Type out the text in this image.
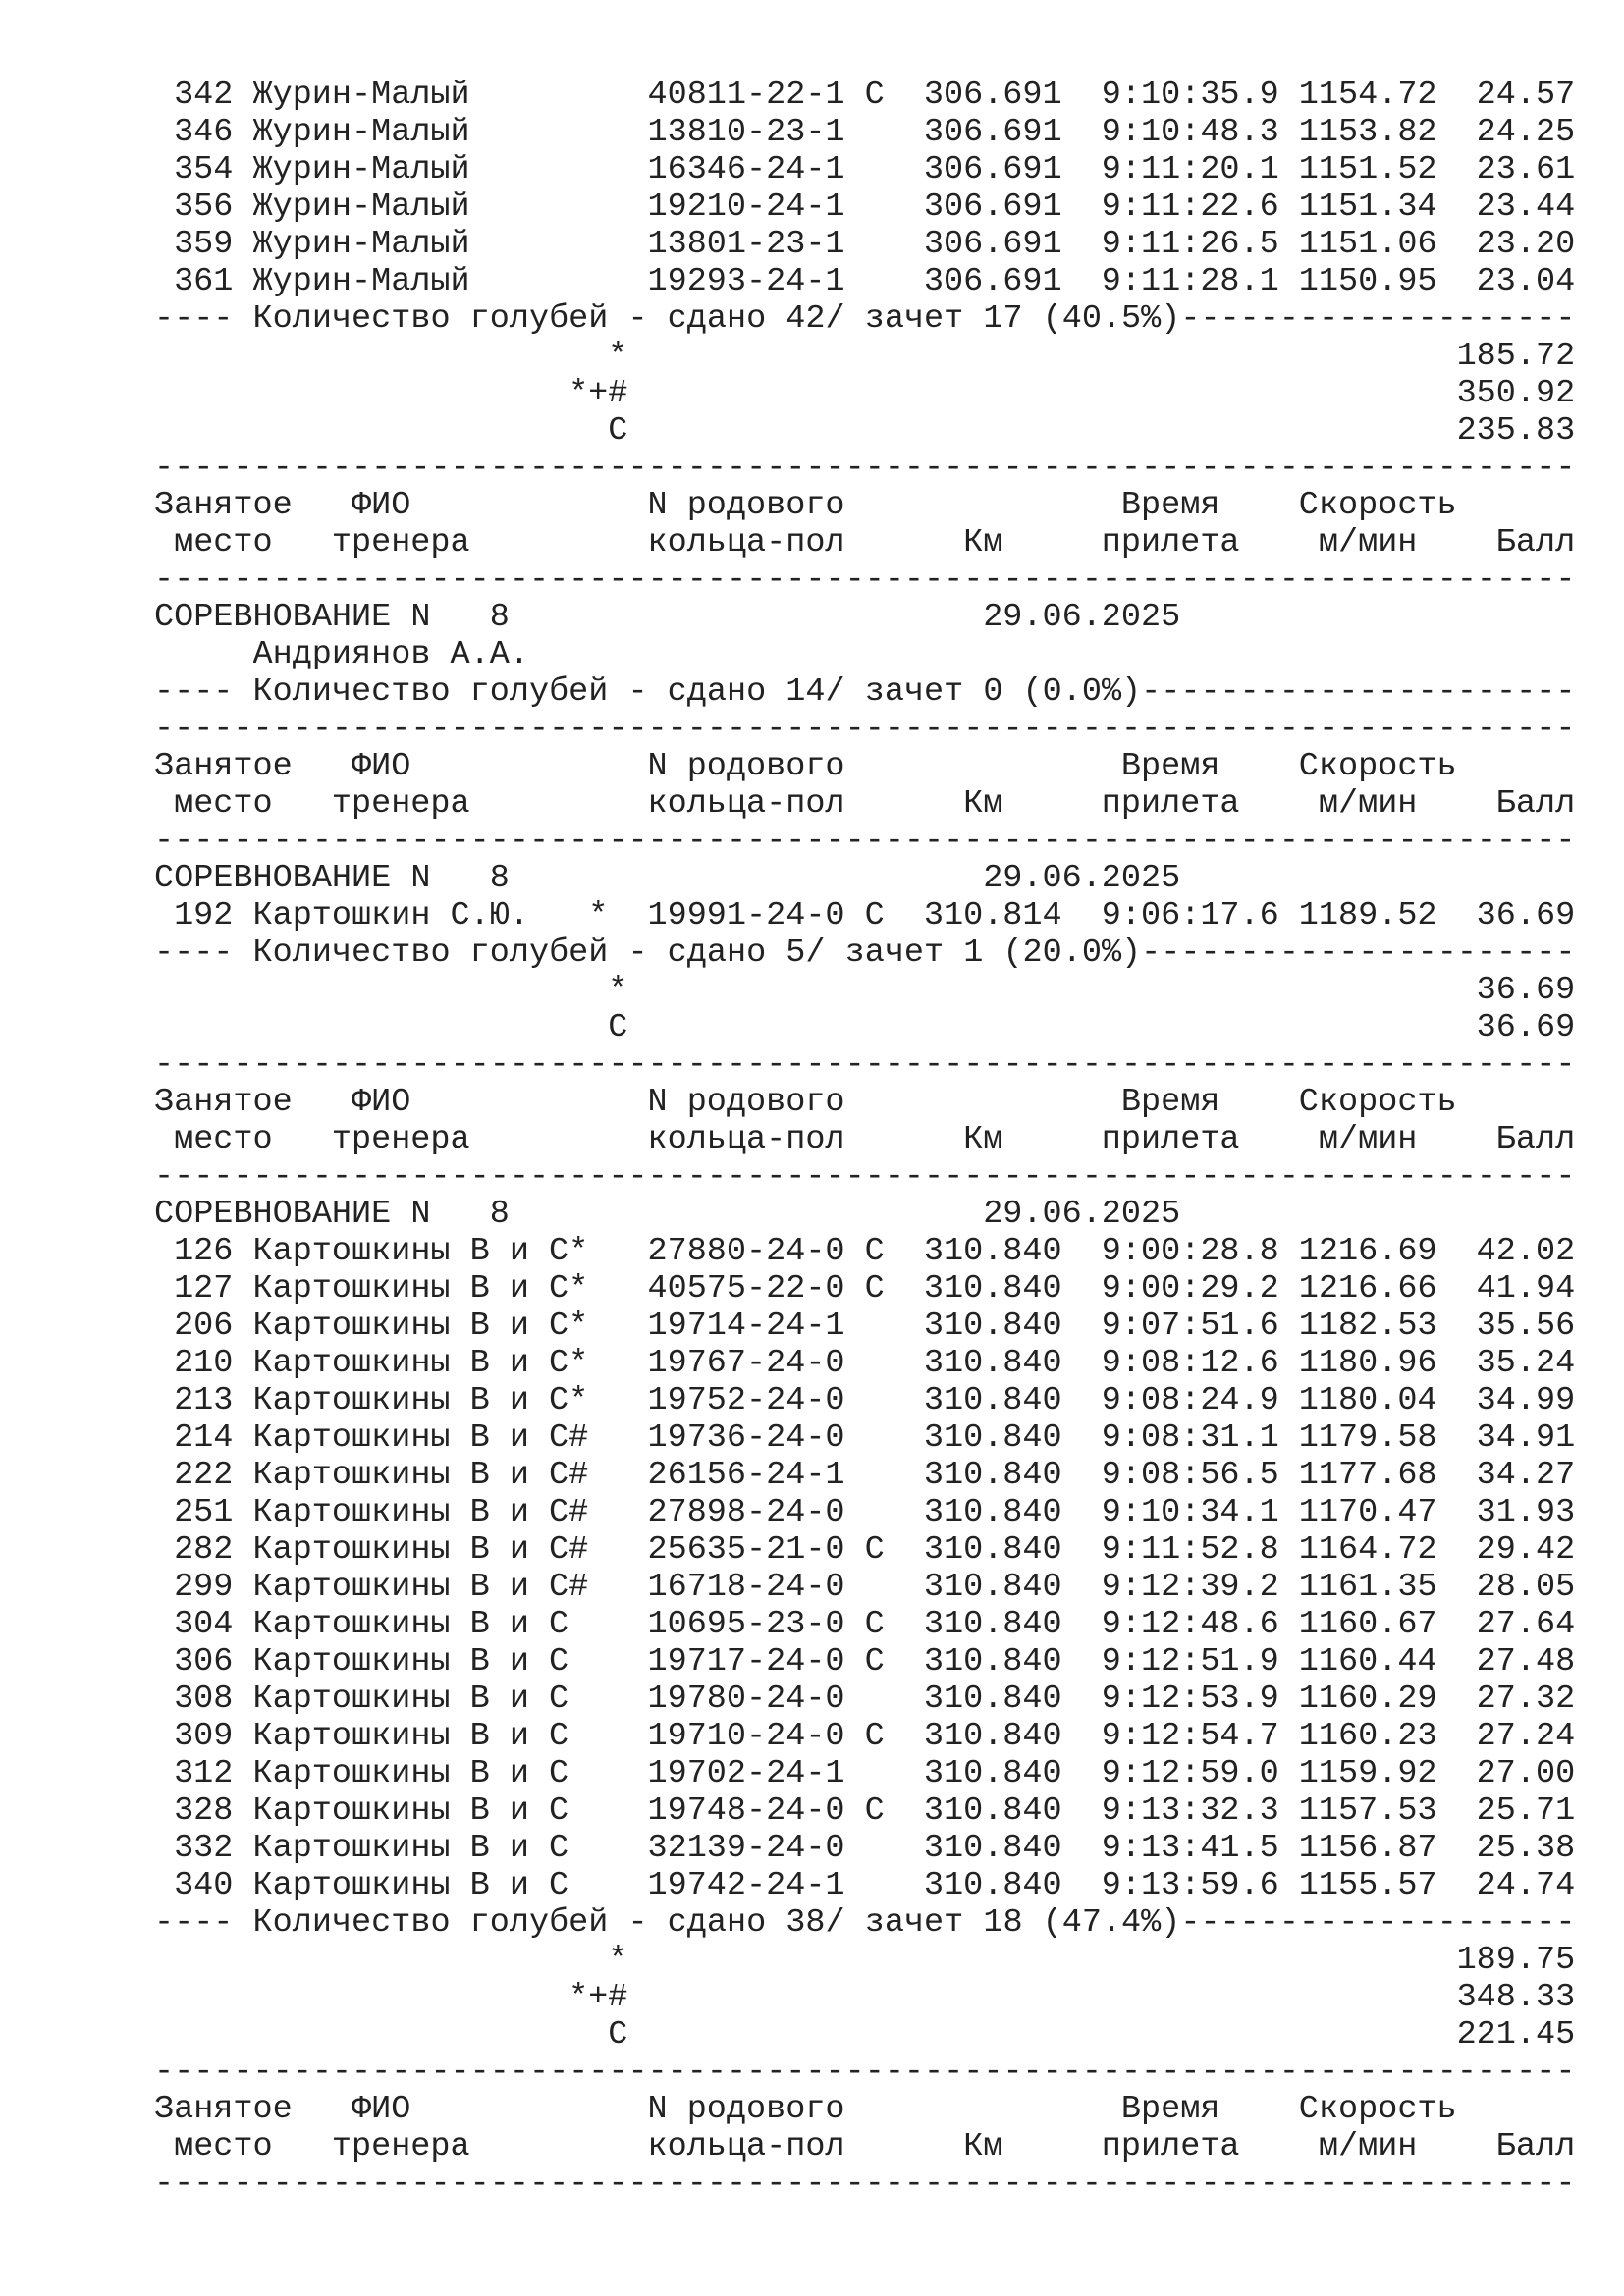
342 Журин-Малый	40811-22-1 C 306.691 9:10:35.9 1154.72	24.57
346 Журин-Малый	13810-23-1 306.691 9:10:48.3 1153.82	24.25
354 Журин-Малый	16346-24-1 306.691 9:11:20.1 1151.52	23.61
356 Журин-Малый	19210-24-1 306.691 9:11:22.6 1151.34	23.44
359 Журин-Малый	13801-23-1 306.691 9:11:26.5 1151.06	23.20
361 Журин-Малый	19293-24-1 306.691 9:11:28.1 1150.95	23.04
---- Количество голубей - сдано 42/ зачет 17 (40.5%)--------------------
*	185.72
*+#	350.92
C	235.83
------------------------------------------------------------------------
Занятое ФИО	N родового	Время Скорость
место тренера	кольца-пол	Км	прилета м/мин Балл
------------------------------------------------------------------------
СОРЕВНОВАНИЕ N 8	29.06.2025
Андриянов А.А.
---- Количество голубей - сдано 14/ зачет 0 (0.0%)----------------------
------------------------------------------------------------------------
Занятое ФИО	N родового	Время Скорость
место тренера	кольца-пол	Км	прилета м/мин Балл
------------------------------------------------------------------------
СОРЕВНОВАНИЕ N 8	29.06.2025
192 Картошкин С.Ю.	* 19991-24-0 C 310.814 9:06:17.6 1189.52	36.69
---- Количество голубей - сдано 5/ зачет 1 (20.0%)----------------------
*	36.69
C	36.69
------------------------------------------------------------------------
Занятое ФИО	N родового	Время Скорость
место тренера	кольца-пол	Км	прилета м/мин Балл
------------------------------------------------------------------------
СОРЕВНОВАНИЕ N 8	29.06.2025
126 Картошкины В и С* 27880-24-0 C 310.840 9:00:28.8 1216.69	42.02
127 Картошкины В и С* 40575-22-0 C 310.840 9:00:29.2 1216.66	41.94
206 Картошкины В и С* 19714-24-1 310.840 9:07:51.6 1182.53	35.56
210 Картошкины В и С* 19767-24-0 310.840 9:08:12.6 1180.96	35.24
213 Картошкины В и С* 19752-24-0 310.840 9:08:24.9 1180.04	34.99
214 Картошкины В и С# 19736-24-0 310.840 9:08:31.1 1179.58	34.91
222 Картошкины В и С# 26156-24-1 310.840 9:08:56.5 1177.68	34.27
251 Картошкины В и С# 27898-24-0 310.840 9:10:34.1 1170.47	31.93
282 Картошкины В и С# 25635-21-0 C 310.840 9:11:52.8 1164.72	29.42
299 Картошкины В и С# 16718-24-0 310.840 9:12:39.2 1161.35	28.05
304 Картошкины В и С	10695-23-0 C 310.840 9:12:48.6 1160.67	27.64
306 Картошкины В и С	19717-24-0 C 310.840 9:12:51.9 1160.44	27.48
308 Картошкины В и С	19780-24-0 310.840 9:12:53.9 1160.29	27.32
309 Картошкины В и С	19710-24-0 C 310.840 9:12:54.7 1160.23	27.24
312 Картошкины В и С	19702-24-1 310.840 9:12:59.0 1159.92	27.00
328 Картошкины В и С	19748-24-0 C 310.840 9:13:32.3 1157.53	25.71
332 Картошкины В и С	32139-24-0 310.840 9:13:41.5 1156.87	25.38
340 Картошкины В и С	19742-24-1 310.840 9:13:59.6 1155.57	24.74
---- Количество голубей - сдано 38/ зачет 18 (47.4%)--------------------
*	189.75
*+#	348.33
C	221.45
------------------------------------------------------------------------
Занятое ФИО	N родового	Время Скорость
место тренера	кольца-пол	Км	прилета м/мин Балл
------------------------------------------------------------------------
